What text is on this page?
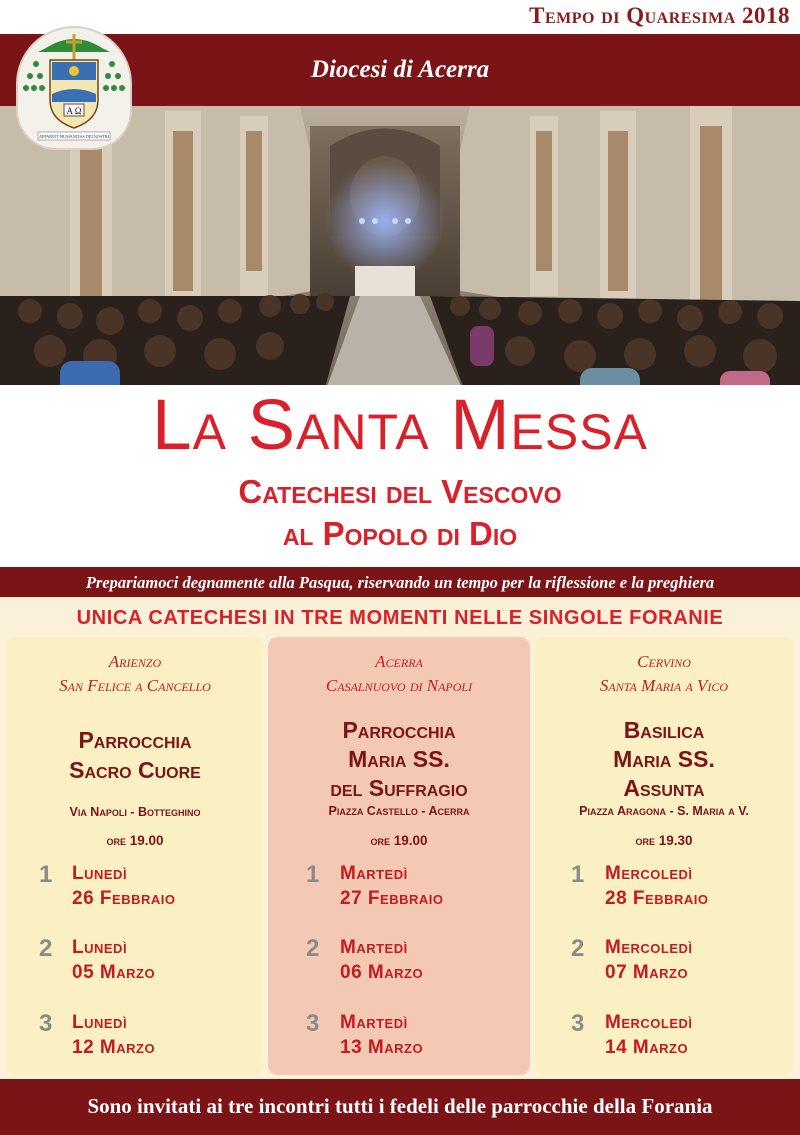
Tempo di Quaresima 2018
Diocesi di Acerra
A Ω
APPARUIT HUMANITAS DEI NOSTRI
La Santa Messa
Catechesi del Vescovo
al Popolo di Dio
Prepariamoci degnamente alla Pasqua, riservando un tempo per la riflessione e la preghiera
UNICA CATECHESI IN TRE MOMENTI NELLE SINGOLE FORANIE
Arienzo
San Felice a Cancello
Parrocchia
Sacro Cuore
Via Napoli - Botteghino
ore 19.00
1 Lunedì
26 Febbraio
2 Lunedì
05 Marzo
3 Lunedì
12 Marzo
Acerra
Casalnuovo di Napoli
Parrocchia
Maria SS.
del Suffragio
Piazza Castello - Acerra
ore 19.00
1 Martedì
27 Febbraio
2 Martedì
06 Marzo
3 Martedì
13 Marzo
Cervino
Santa Maria a Vico
Basilica
Maria SS.
Assunta
Piazza Aragona - S. Maria a V.
ore 19.30
1 Mercoledì
28 Febbraio
2 Mercoledì
07 Marzo
3 Mercoledì
14 Marzo
Sono invitati ai tre incontri tutti i fedeli delle parrocchie della Forania
